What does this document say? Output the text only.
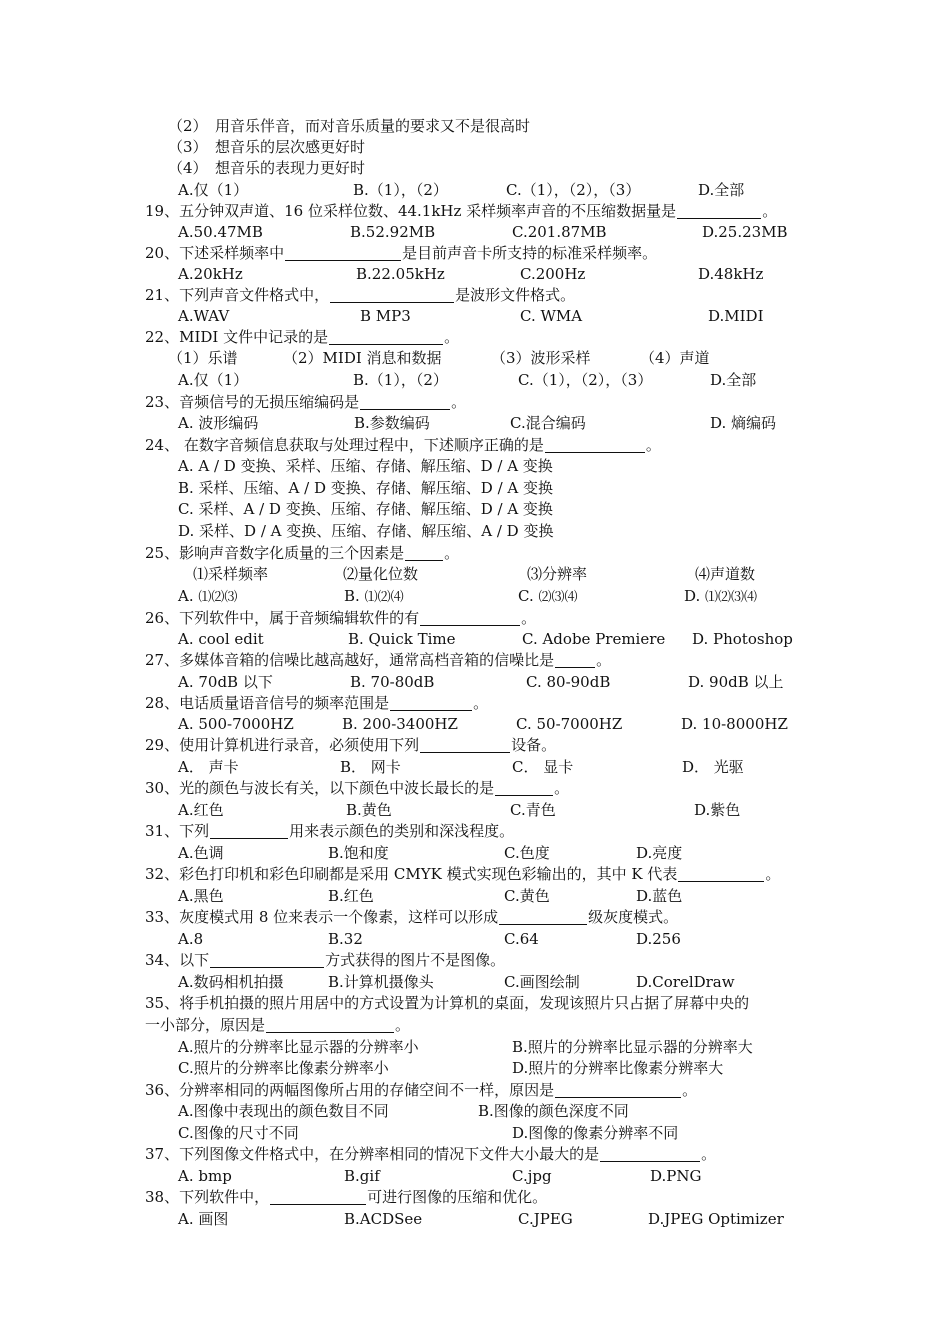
（2）　用音乐伴音，而对音乐质量的要求又不是很高时
（3）　想音乐的层次感更好时
（4）　想音乐的表现力更好时
A.仅（1）	B.（1），（2）	C.（1），（2），（3）	D.全部
19、五分钟双声道、16 位采样位数、44.1kHz 采样频率声音的不压缩数据量是	。
A.50.47MB	B.52.92MB	C.201.87MB	D.25.23MB
20、下述采样频率中	是目前声音卡所支持的标准采样频率。
A.20kHz	B.22.05kHz	C.200Hz	D.48kHz
21、下列声音文件格式中，	是波形文件格式。
A.WAV	B MP3	C. WMA	D.MIDI
22、MIDI 文件中记录的是	。
（1）乐谱	（2）MIDI 消息和数据	（3）波形采样	（4）声道
A.仅（1）	B.（1），（2）	C.（1），（2），（3）	D.全部
23、音频信号的无损压缩编码是	。
A. 波形编码	B.参数编码	C.混合编码	D. 熵编码
24、 在数字音频信息获取与处理过程中，下述顺序正确的是	。
A. A / D 变换、采样、压缩、存储、解压缩、D / A 变换
B. 采样、压缩、A / D 变换、存储、解压缩、D / A 变换
C. 采样、A / D 变换、压缩、存储、解压缩、D / A 变换
D. 采样、D / A 变换、压缩、存储、解压缩、A / D 变换
25、影响声音数字化质量的三个因素是	。
⑴采样频率	⑵量化位数	⑶分辨率	⑷声道数
A. ⑴⑵⑶	B. ⑴⑵⑷	C. ⑵⑶⑷	D. ⑴⑵⑶⑷
26、下列软件中，属于音频编辑软件的有	。
A. cool edit	B. Quick Time	C. Adobe Premiere D. Photoshop
27、多媒体音箱的信噪比越高越好，通常高档音箱的信噪比是	。
A. 70dB 以下	B. 70-80dB	C. 80-90dB	D. 90dB 以上
28、电话质量语音信号的频率范围是	。
A. 500-7000HZ	B. 200-3400HZ	C. 50-7000HZ	D. 10-8000HZ
29、使用计算机进行录音，必须使用下列	设备。
A． 声卡	B． 网卡	C． 显卡	D． 光驱
30、光的颜色与波长有关，以下颜色中波长最长的是	。
A.红色	B.黄色	C.青色	D.紫色
31、下列	用来表示颜色的类别和深浅程度。
A.色调	B.饱和度	C.色度	D.亮度
32、彩色打印机和彩色印刷都是采用 CMYK 模式实现色彩输出的，其中 K 代表	。
A.黑色	B.红色	C.黄色	D.蓝色
33、灰度模式用 8 位来表示一个像素，这样可以形成	级灰度模式。
A.8	B.32	C.64	D.256
34、以下	方式获得的图片不是图像。
A.数码相机拍摄	B.计算机摄像头	C.画图绘制	D.CorelDraw
35、将手机拍摄的照片用居中的方式设置为计算机的桌面，发现该照片只占据了屏幕中央的
一小部分，原因是	。
A.照片的分辨率比显示器的分辨率小	B.照片的分辨率比显示器的分辨率大
C.照片的分辨率比像素分辨率小	D.照片的分辨率比像素分辨率大
36、分辨率相同的两幅图像所占用的存储空间不一样，原因是	。
A.图像中表现出的颜色数目不同	B.图像的颜色深度不同
C.图像的尺寸不同	D.图像的像素分辨率不同
37、下列图像文件格式中，在分辨率相同的情况下文件大小最大的是	。
A. bmp	B.gif	C.jpg	D.PNG
38、下列软件中，	可进行图像的压缩和优化。
A. 画图	B.ACDSee	C.JPEG	D.JPEG Optimizer
